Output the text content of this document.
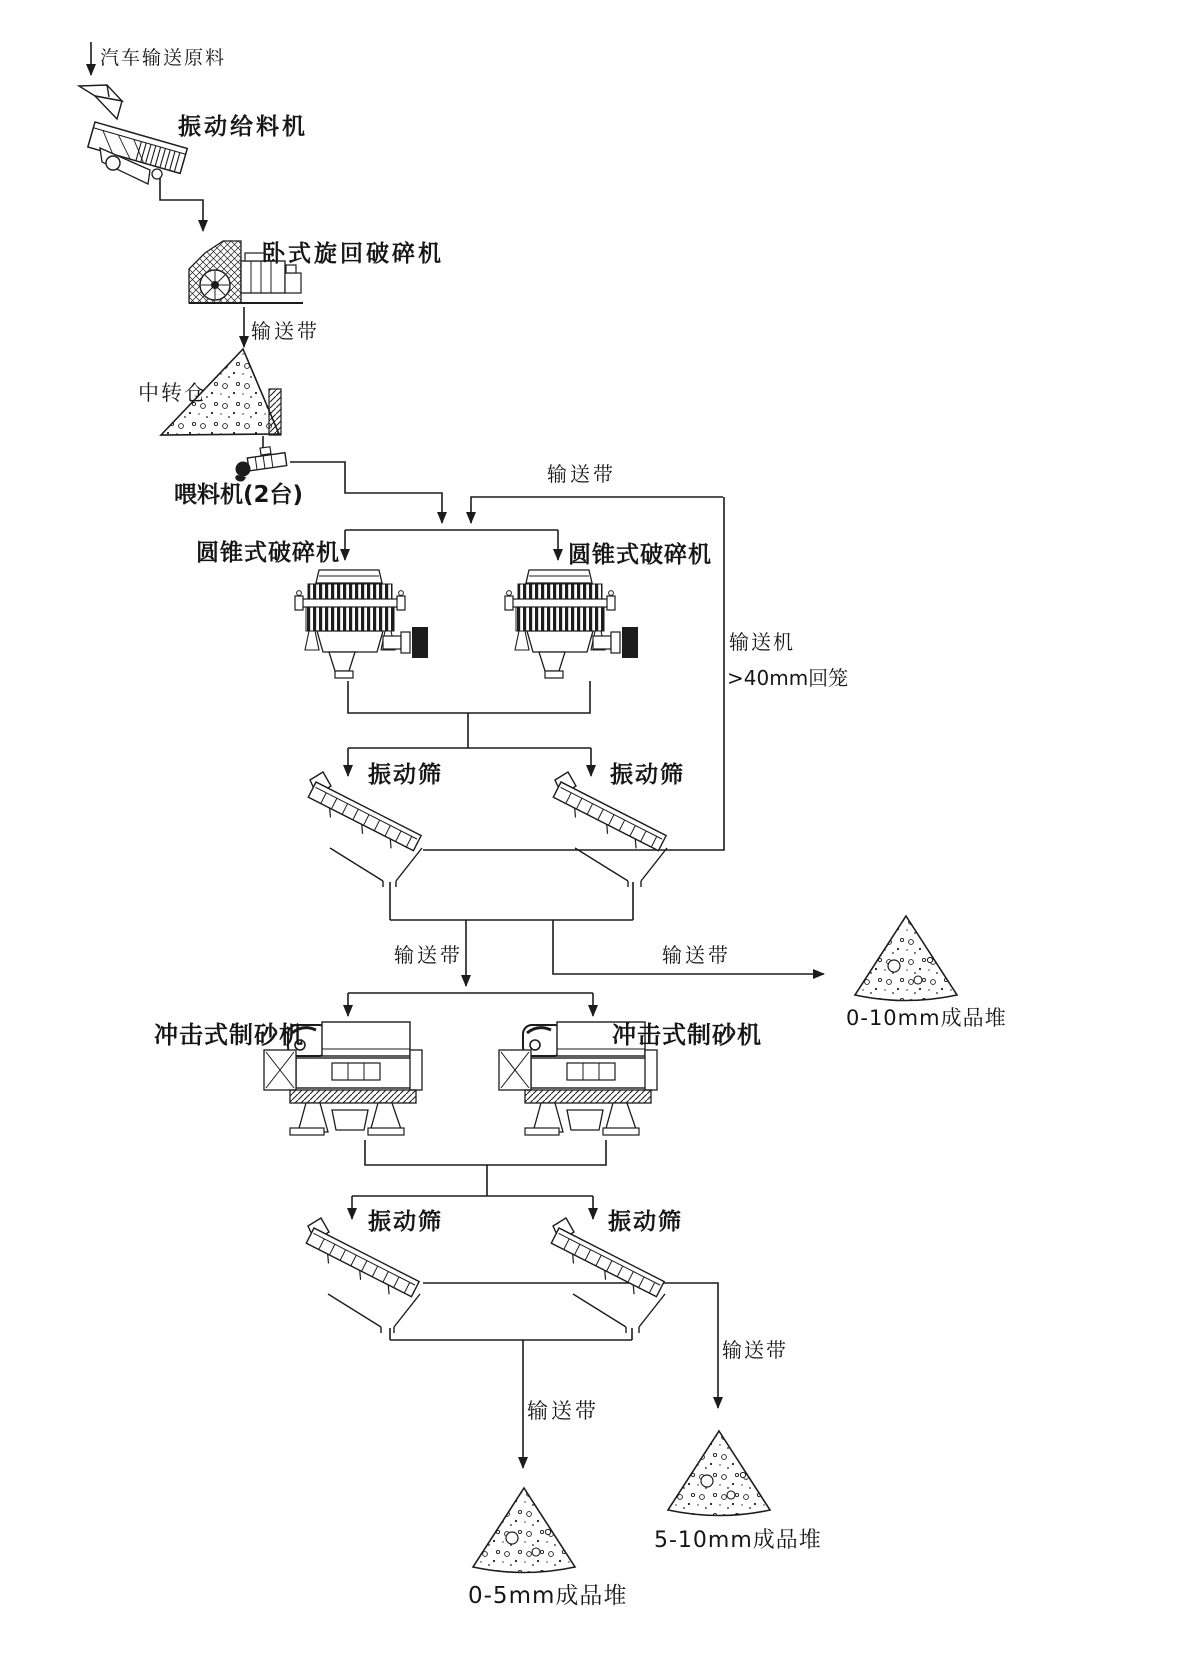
汽车输送原料
振动给料机
卧式旋回破碎机
输送带
中转仓
喂料机(2台)
圆锥式破碎机	圆锥式破碎机
输送带
输送机
>40mm回笼
振动筛	振动筛
输送带	输送带
0-10mm成品堆
冲击式制砂机	冲击式制砂机
振动筛	振动筛
输送带
输送带
5-10mm成品堆
0-5mm成品堆
